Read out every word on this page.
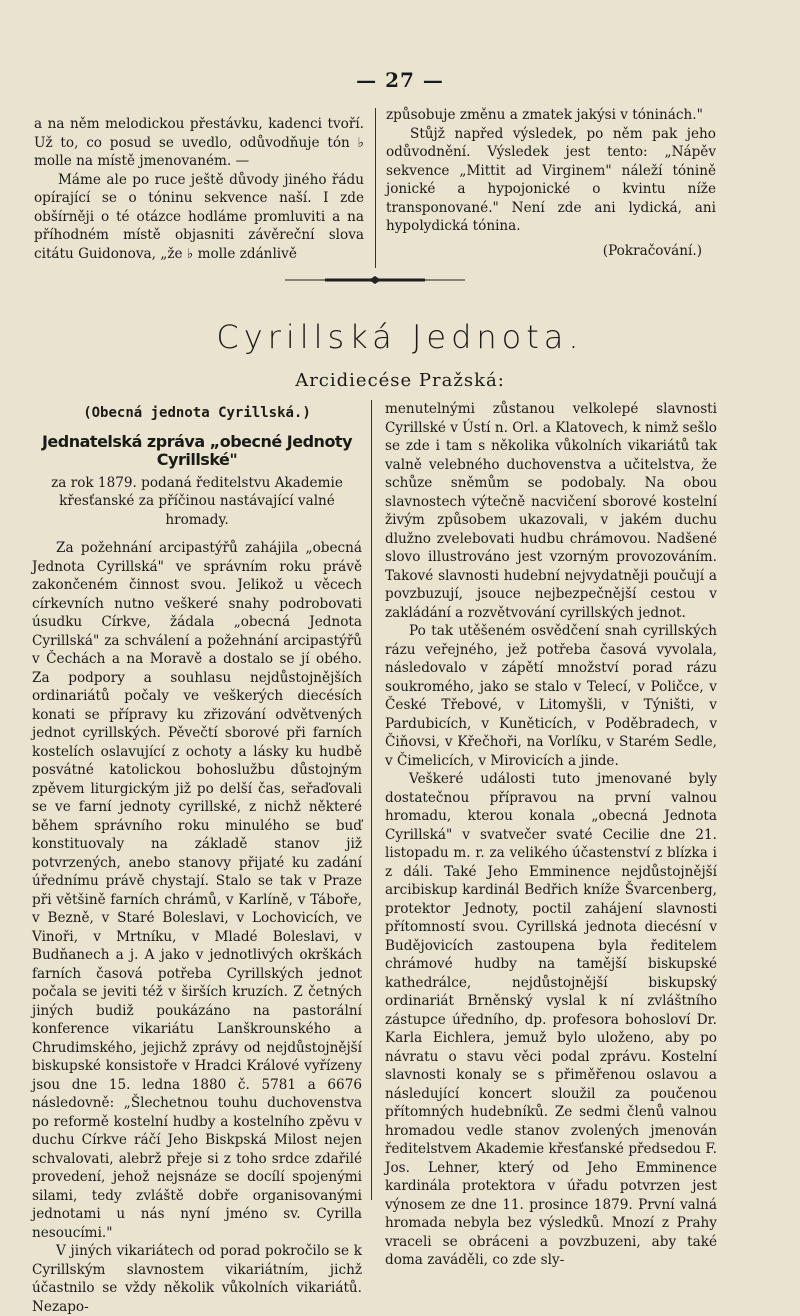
— 27 —

a na něm melodickou přestávku, kadenci tvoří. Už to, co posud se uvedlo, odůvodňuje tón ♭ molle na místě jmenovaném. —

Máme ale po ruce ještě důvody jiného řádu opírající se o tóninu sekvence naší. I zde obšírněji o té otázce hodláme promluviti a na příhodném místě objasniti závěreční slova citátu Guidonova, „že ♭ molle zdánlivě

způsobuje změnu a zmatek jakýsi v tóninách."

Stůjž napřed výsledek, po něm pak jeho odůvodnění. Výsledek jest tento: „Nápěv sekvence „Mittit ad Virginem" náleží tónině jonické a hypojonické o kvintu níže transponované." Není zde ani lydická, ani hypolydická tónina.

(Pokračování.)

Cyrillská Jednota.
Arcidiecése Pražská:

(Obecná jednota Cyrillská.)

Jednatelská zpráva „obecné Jednoty Cyrillské"

za rok 1879. podaná ředitelstvu Akademie křesťanské za příčinou nastávající valné hromady.

Za požehnání arcipastýřů zahájila „obecná Jednota Cyrillská" ve správním roku právě zakončeném činnost svou. Jelikož u věcech církevních nutno veškeré snahy podrobovati úsudku Církve, žádala „obecná Jednota Cyrillská" za schválení a požehnání arcipastýřů v Čechách a na Moravě a dostalo se jí obého. Za podpory a souhlasu nejdůstojnějších ordinariátů počaly ve veškerých diecésích konati se přípravy ku zřizování odvětvených jednot cyrillských. Pěvečtí sborové při farních kostelích oslavující z ochoty a lásky ku hudbě posvátné katolickou bohoslužbu důstojným zpěvem liturgickým již po delší čas, seřaďovali se ve farní jednoty cyrillské, z nichž některé během správního roku minulého se buď konstituovaly na základě stanov již potvrzených, anebo stanovy přijaté ku zadání úřednímu právě chystají. Stalo se tak v Praze při většině farních chrámů, v Karlíně, v Táboře, v Bezně, v Staré Boleslavi, v Lochovicích, ve Vinoři, v Mrtníku, v Mladé Boleslavi, v Budňanech a j. A jako v jednotlivých okrškách farních časová potřeba Cyrillských jednot počala se jeviti též v širších kruzích. Z četných jiných budiž poukázáno na pastorální konference vikariátu Lanškrounského a Chrudimského, jejichž zprávy od nejdůstojnější biskupské konsistoře v Hradci Králové vyřízeny jsou dne 15. ledna 1880 č. 5781 a 6676 následovně: „Šlechetnou touhu duchovenstva po reformě kostelní hudby a kostelního zpěvu v duchu Církve ráčí Jeho Biskpská Milost nejen schvalovati, alebrž přeje si z toho srdce zdařilé provedení, jehož nejsnáze se docílí spojenými silami, tedy zvláště dobře organisovanými jednotami u nás nyní jméno sv. Cyrilla nesoucími."

V jiných vikariátech od porad pokročilo se k Cyrillským slavnostem vikariátním, jichž účastnilo se vždy několik vůkolních vikariátů. Nezapo-

menutelnými zůstanou velkolepé slavnosti Cyrillské v Ústí n. Orl. a Klatovech, k nimž sešlo se zde i tam s několika vůkolních vikariátů tak valně velebného duchovenstva a učitelstva, že schůze sněmům se podobaly. Na obou slavnostech výtečně nacvičení sborové kostelní živým způsobem ukazovali, v jakém duchu dlužno zvelebovati hudbu chrámovou. Nadšené slovo illustrováno jest vzorným provozováním. Takové slavnosti hudební nejvydatněji poučují a povzbuzují, jsouce nejbezpečnější cestou v zakládání a rozvětvování cyrillských jednot.

Po tak utěšeném osvědčení snah cyrillských rázu veřejného, jež potřeba časová vyvolala, následovalo v zápětí množství porad rázu soukromého, jako se stalo v Telecí, v Poličce, v České Třebové, v Litomyšli, v Týništi, v Pardubicích, v Kuněticích, v Poděbradech, v Čiňovsi, v Křečhoři, na Vorlíku, v Starém Sedle, v Čimelicích, v Mirovicích a jinde.

Veškeré události tuto jmenované byly dostatečnou přípravou na první valnou hromadu, kterou konala „obecná Jednota Cyrillská" v svatvečer svaté Cecilie dne 21. listopadu m. r. za velikého účastenství z blízka i z dáli. Také Jeho Emminence nejdůstojnější arcibiskup kardinál Bedřich kníže Švarcenberg, protektor Jednoty, poctil zahájení slavnosti přítomností svou. Cyrillská jednota diecésní v Budějovicích zastoupena byla ředitelem chrámové hudby na tamější biskupské kathedrálce, nejdůstojnější biskupský ordinariát Brněnský vyslal k ní zvláštního zástupce úředního, dp. profesora bohosloví Dr. Karla Eichlera, jemuž bylo uloženo, aby po návratu o stavu věci podal zprávu. Kostelní slavnosti konaly se s přiměřenou oslavou a následující koncert sloužil za poučenou přítomných hudebníků. Ze sedmi členů valnou hromadou vedle stanov zvolených jmenován ředitelstvem Akademie křesťanské předsedou F. Jos. Lehner, který od Jeho Emminence kardinála protektora v úřadu potvrzen jest výnosem ze dne 11. prosince 1879. První valná hromada nebyla bez výsledků. Mnozí z Prahy vraceli se obráceni a povzbuzeni, aby také doma zaváděli, co zde sly-
